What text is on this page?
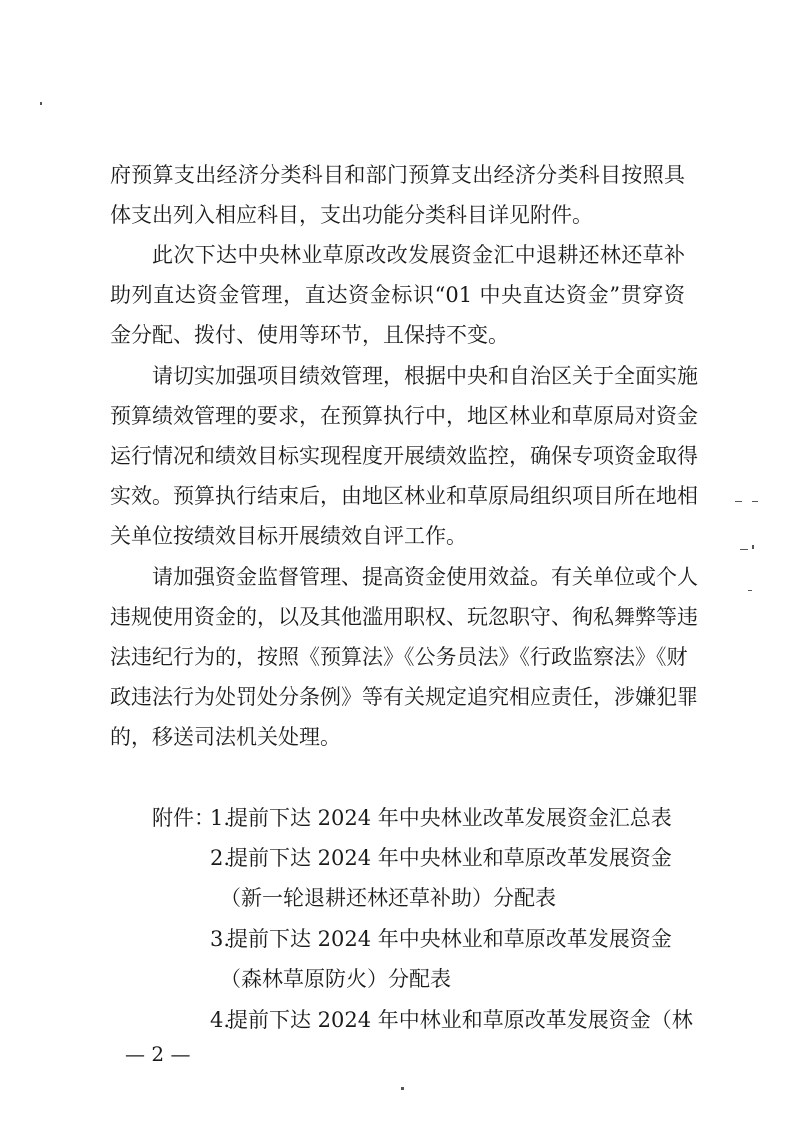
府预算支出经济分类科目和部门预算支出经济分类科目按照具
体支出列入相应科目，支出功能分类科目详见附件。
此次下达中央林业草原改改发展资金汇中退耕还林还草补
助列直达资金管理，直达资金标识“01 中央直达资金”贯穿资
金分配、拨付、使用等环节，且保持不变。
请切实加强项目绩效管理，根据中央和自治区关于全面实施
预算绩效管理的要求，在预算执行中，地区林业和草原局对资金
运行情况和绩效目标实现程度开展绩效监控，确保专项资金取得
实效。预算执行结束后，由地区林业和草原局组织项目所在地相
关单位按绩效目标开展绩效自评工作。
请加强资金监督管理、提高资金使用效益。有关单位或个人
违规使用资金的，以及其他滥用职权、玩忽职守、徇私舞弊等违
法违纪行为的，按照《预算法》《公务员法》《行政监察法》《财
政违法行为处罚处分条例》等有关规定追究相应责任，涉嫌犯罪
的，移送司法机关处理。
附件：
1.
提前下达 2024 年中央林业改革发展资金汇总表
2.
提前下达 2024 年中央林业和草原改革发展资金
（新一轮退耕还林还草补助）分配表
3.
提前下达 2024 年中央林业和草原改革发展资金
（森林草原防火）分配表
4.
提前下达 2024 年中林业和草原改革发展资金（林
— 2 —
